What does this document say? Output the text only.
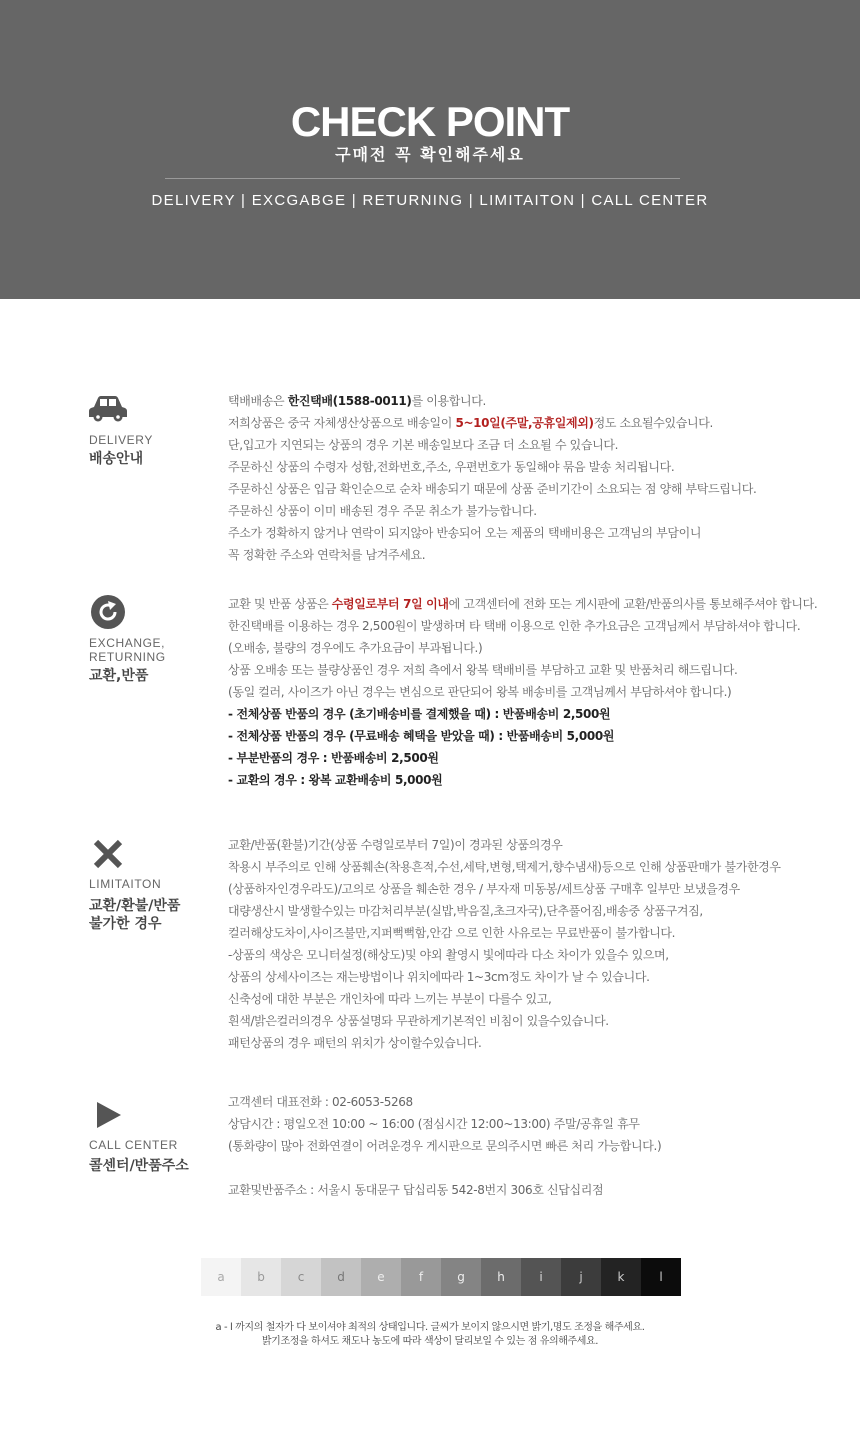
CHECK POINT
구매전 꼭 확인해주세요
DELIVERY | EXCGABGE | RETURNING | LIMITAITON | CALL CENTER
DELIVERY
배송안내
택배배송은 한진택배(1588-0011)를 이용합니다.
저희상품은 중국 자체생산상품으로 배송일이 5~10일(주말,공휴일제외)정도 소요될수있습니다.
단,입고가 지연되는 상품의 경우 기본 배송일보다 조금 더 소요될 수 있습니다.
주문하신 상품의 수령자 성함,전화번호,주소, 우편번호가 동일해야 묶음 발송 처리됩니다.
주문하신 상품은 입금 확인순으로 순차 배송되기 때문에 상품 준비기간이 소요되는 점 양해 부탁드립니다.
주문하신 상품이 이미 배송된 경우 주문 취소가 불가능합니다.
주소가 정확하지 않거나 연락이 되지않아 반송되어 오는 제품의 택배비용은 고객님의 부담이니
꼭 정확한 주소와 연락처를 남겨주세요.
EXCHANGE,
RETURNING
교환,반품
교환 및 반품 상품은 수령일로부터 7일 이내에 고객센터에 전화 또는 게시판에 교환/반품의사를 통보해주셔야 합니다.
한진택배를 이용하는 경우 2,500원이 발생하며 타 택배 이용으로 인한 추가요금은 고객님께서 부담하셔야 합니다.
(오배송, 불량의 경우에도 추가요금이 부과됩니다.)
상품 오배송 또는 불량상품인 경우 저희 측에서 왕복 택배비를 부담하고 교환 및 반품처리 해드립니다.
(동일 컬러, 사이즈가 아닌 경우는 변심으로 판단되어 왕복 배송비를 고객님께서 부담하셔야 합니다.)
- 전체상품 반품의 경우 (초기배송비를 결제했을 때) : 반품배송비 2,500원
- 전체상품 반품의 경우 (무료배송 혜택을 받았을 때) : 반품배송비 5,000원
- 부분반품의 경우 : 반품배송비 2,500원
- 교환의 경우 : 왕복 교환배송비 5,000원
LIMITAITON
교환/환불/반품
불가한 경우
교환/반품(환불)기간(상품 수령일로부터 7일)이 경과된 상품의경우
착용시 부주의로 인해 상품훼손(착용흔적,수선,세탁,변형,택제거,향수냄새)등으로 인해 상품판매가 불가한경우
(상품하자인경우라도)/고의로 상품을 훼손한 경우 / 부자재 미동봉/세트상품 구매후 일부만 보냈을경우
대량생산시 발생할수있는 마감처리부분(실밥,박음질,초크자국),단추풀어짐,배송중 상품구겨짐,
컬러해상도차이,사이즈불만,지퍼뻑뻑함,안감 으로 인한 사유로는 무료반품이 불가합니다.
-상품의 색상은 모니터설정(해상도)및 야외 촬영시 빛에따라 다소 차이가 있을수 있으며,
상품의 상세사이즈는 재는방법이나 위치에따라 1~3cm정도 차이가 날 수 있습니다.
신축성에 대한 부분은 개인차에 따라 느끼는 부분이 다를수 있고,
흰색/밝은컬러의경우 상품설명돠 무관하게기본적인 비침이 있을수있습니다.
패턴상품의 경우 패턴의 위치가 상이할수있습니다.
CALL CENTER
콜센터/반품주소
고객센터 대표전화 : 02-6053-5268
상담시간 : 평일오전 10:00 ~ 16:00 (점심시간 12:00~13:00) 주말/공휴일 휴무
(통화량이 많아 전화연결이 어려운경우 게시판으로 문의주시면 빠른 처리 가능합니다.)
교환및반품주소 : 서울시 동대문구 답십리동 542-8번지 306호 신답십리점
a	b	c	d	e	f	g	h	i	j	k	l
a - l 까지의 철자가 다 보이셔야 최적의 상태입니다. 글씨가 보이지 않으시면 밝기,명도 조정을 해주세요.
밝기조정을 하셔도 채도나 농도에 따라 색상이 달리보일 수 있는 점 유의해주세요.
